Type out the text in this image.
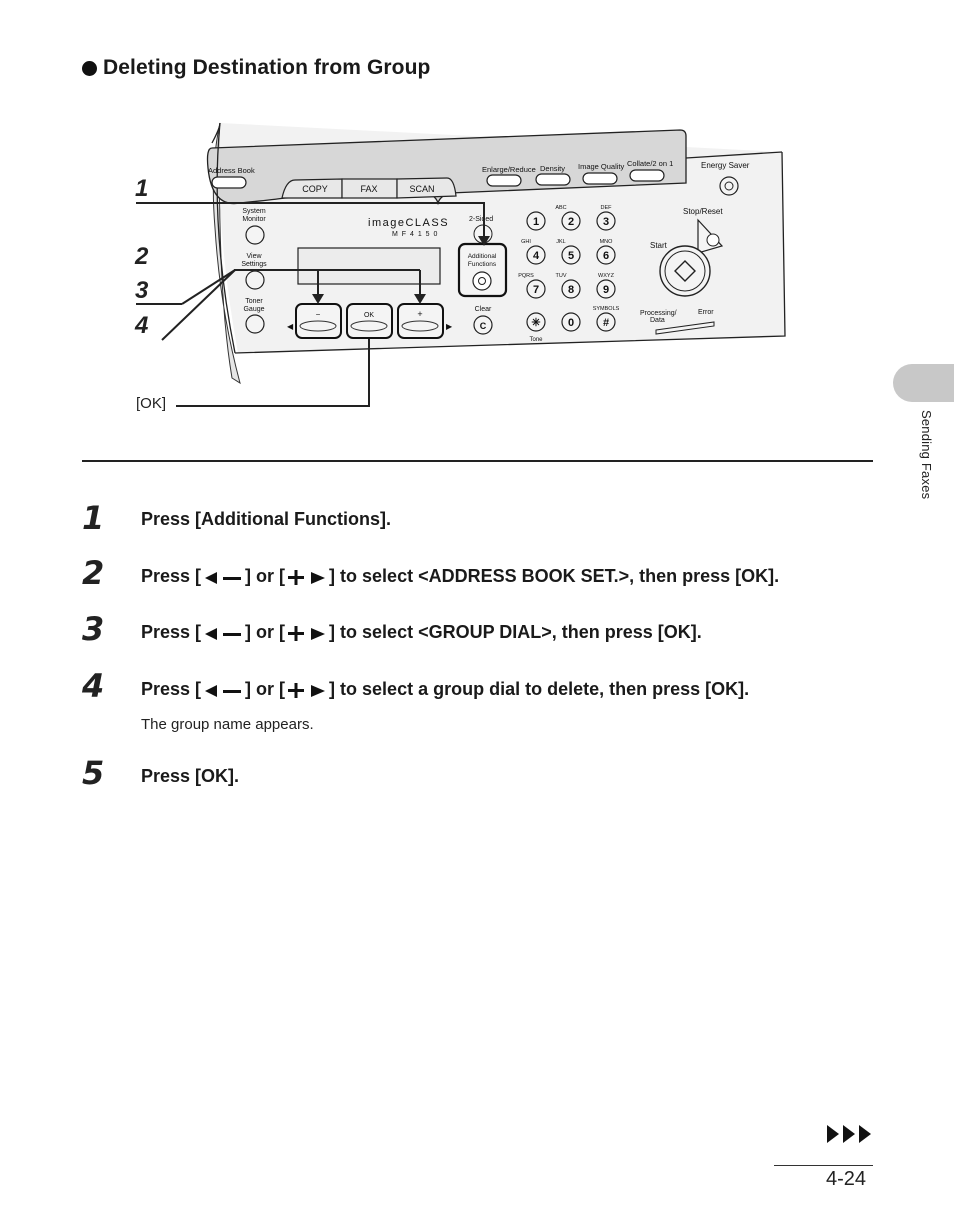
Deleting Destination from Group
Address Book	Enlarge/Reduce Density Image Quality Collate/2 on 1	Energy Saver
COPY	FAX	SCAN
System
Monitor
View
Settings
Toner
Gauge
imageCLASS
M F 4 1 5 0
◀
−	OK	+
▶
2-Sided
Additional
Functions
Clear
C
1	2
ABC
3
DEF
4
GHI
5
JKL
6
MNO
7
PQRS
8
TUV
9
WXYZ
✳ 0	#
SYMBOLS
Tone
Stop/Reset
Start
Processing/
Data
Error
1
2
3
4
[OK]
Sending Faxes
1 Press [Additional Functions].
2 Press [ ] or [ ] to select <ADDRESS BOOK SET.>, then press [OK].
3 Press [ ] or [ ] to select <GROUP DIAL>, then press [OK].
4 Press [ ] or [ ] to select a group dial to delete, then press [OK].
The group name appears.
5 Press [OK].
4-24
